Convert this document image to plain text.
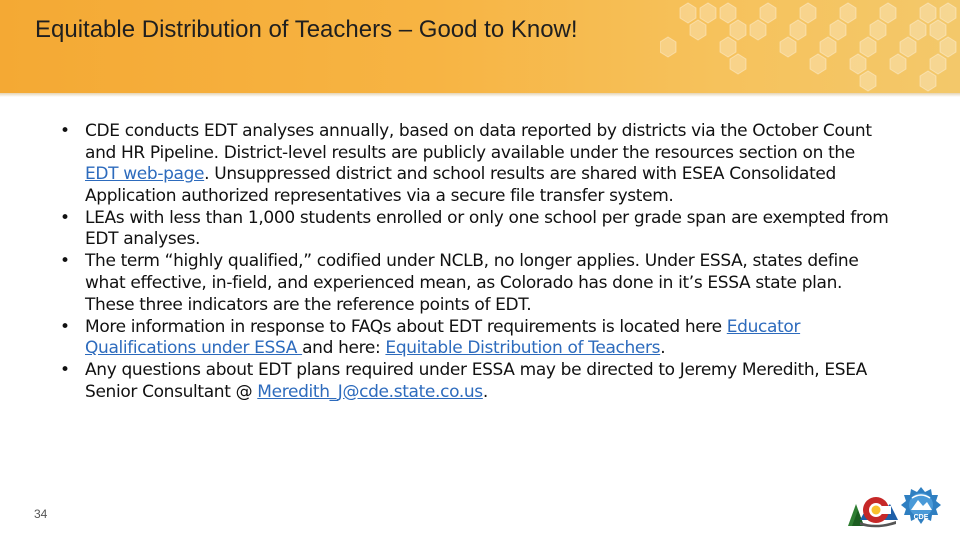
Equitable Distribution of Teachers – Good to Know!
• CDE conducts EDT analyses annually, based on data reported by districts via the October Count and HR Pipeline. District-level results are publicly available under the resources section on the EDT web-page. Unsuppressed district and school results are shared with ESEA Consolidated Application authorized representatives via a secure file transfer system.
• LEAs with less than 1,000 students enrolled or only one school per grade span are exempted from EDT analyses.
• The term “highly qualified,” codified under NCLB, no longer applies. Under ESSA, states define what effective, in-field, and experienced mean, as Colorado has done in it’s ESSA state plan. These three indicators are the reference points of EDT.
• More information in response to FAQs about EDT requirements is located here Educator Qualifications under ESSA and here: Equitable Distribution of Teachers.
• Any questions about EDT plans required under ESSA may be directed to Jeremy Meredith, ESEA Senior Consultant @ Meredith_J@cde.state.co.us.
34	CDE
